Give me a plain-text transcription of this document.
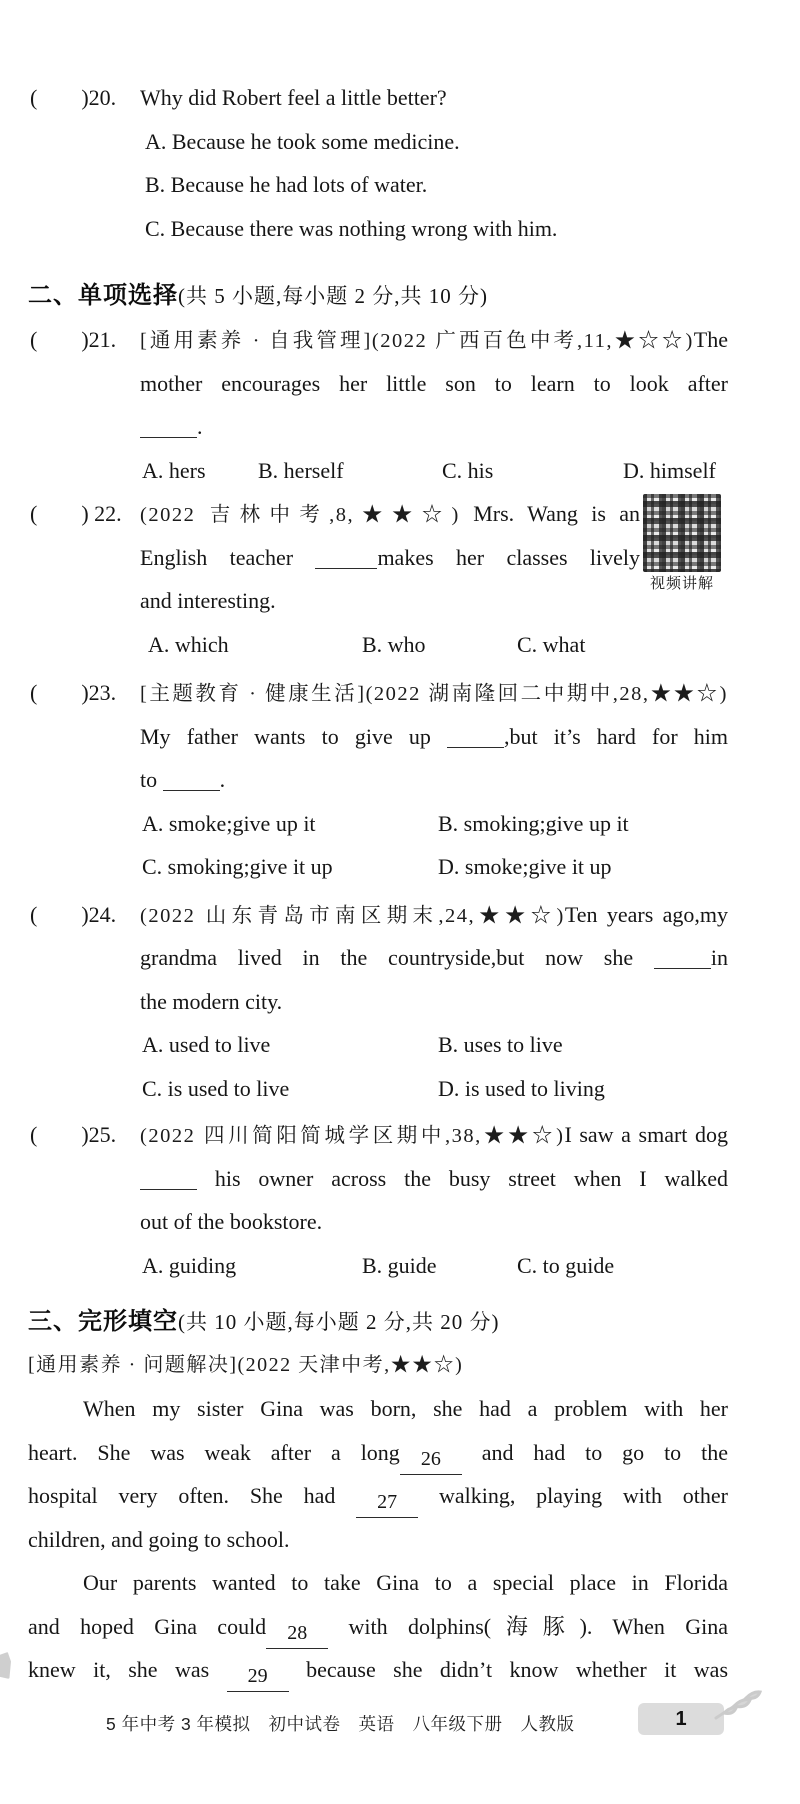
(　　)20.	Why did Robert feel a little better?
A. Because he took some medicine.
B. Because he had lots of water.
C. Because there was nothing wrong with him.
二、单项选择(共 5 小题,每小题 2 分,共 10 分)
(　　)21.	[通用素养 · 自我管理](2022 广西百色中考,11,★☆☆)The
mother encourages her little son to learn to look after
.
A. hers B. herself	C. his	D. himself
(　　) 22. (2022 吉林中考,8,★★☆) Mrs. Wang is an
English teacher	makes her classes lively
and interesting.
A. which	B. who	C. what
(　　)23.	[主题教育 · 健康生活](2022 湖南隆回二中期中,28,★★☆)
My father wants to give up	,but it’s hard for him
to	.
A. smoke;give up it	B. smoking;give up it
C. smoking;give it up	D. smoke;give it up
(　　)24.	(2022 山东青岛市南区期末,24,★★☆)Ten years ago,my
grandma lived in the countryside,but now she	in
the modern city.
A. used to live	B. uses to live
C. is used to live	D. is used to living
(　　)25.	(2022 四川简阳简城学区期中,38,★★☆)I saw a smart dog
his owner across the busy street when I walked
out of the bookstore.
A. guiding	B. guide	C. to guide
三、完形填空(共 10 小题,每小题 2 分,共 20 分)
[通用素养 · 问题解决](2022 天津中考,★★☆)
When my sister Gina was born, she had a problem with her
heart. She was weak after a long 26 and had to go to the
hospital very often. She had 27 walking, playing with other
children, and going to school.
Our parents wanted to take Gina to a special place in Florida
and hoped Gina could 28 with dolphins(海豚). When Gina
knew it, she was 29 because she didn’t know whether it was
视频讲解
5 年中考 3 年模拟　初中试卷　英语　八年级下册　人教版	1
